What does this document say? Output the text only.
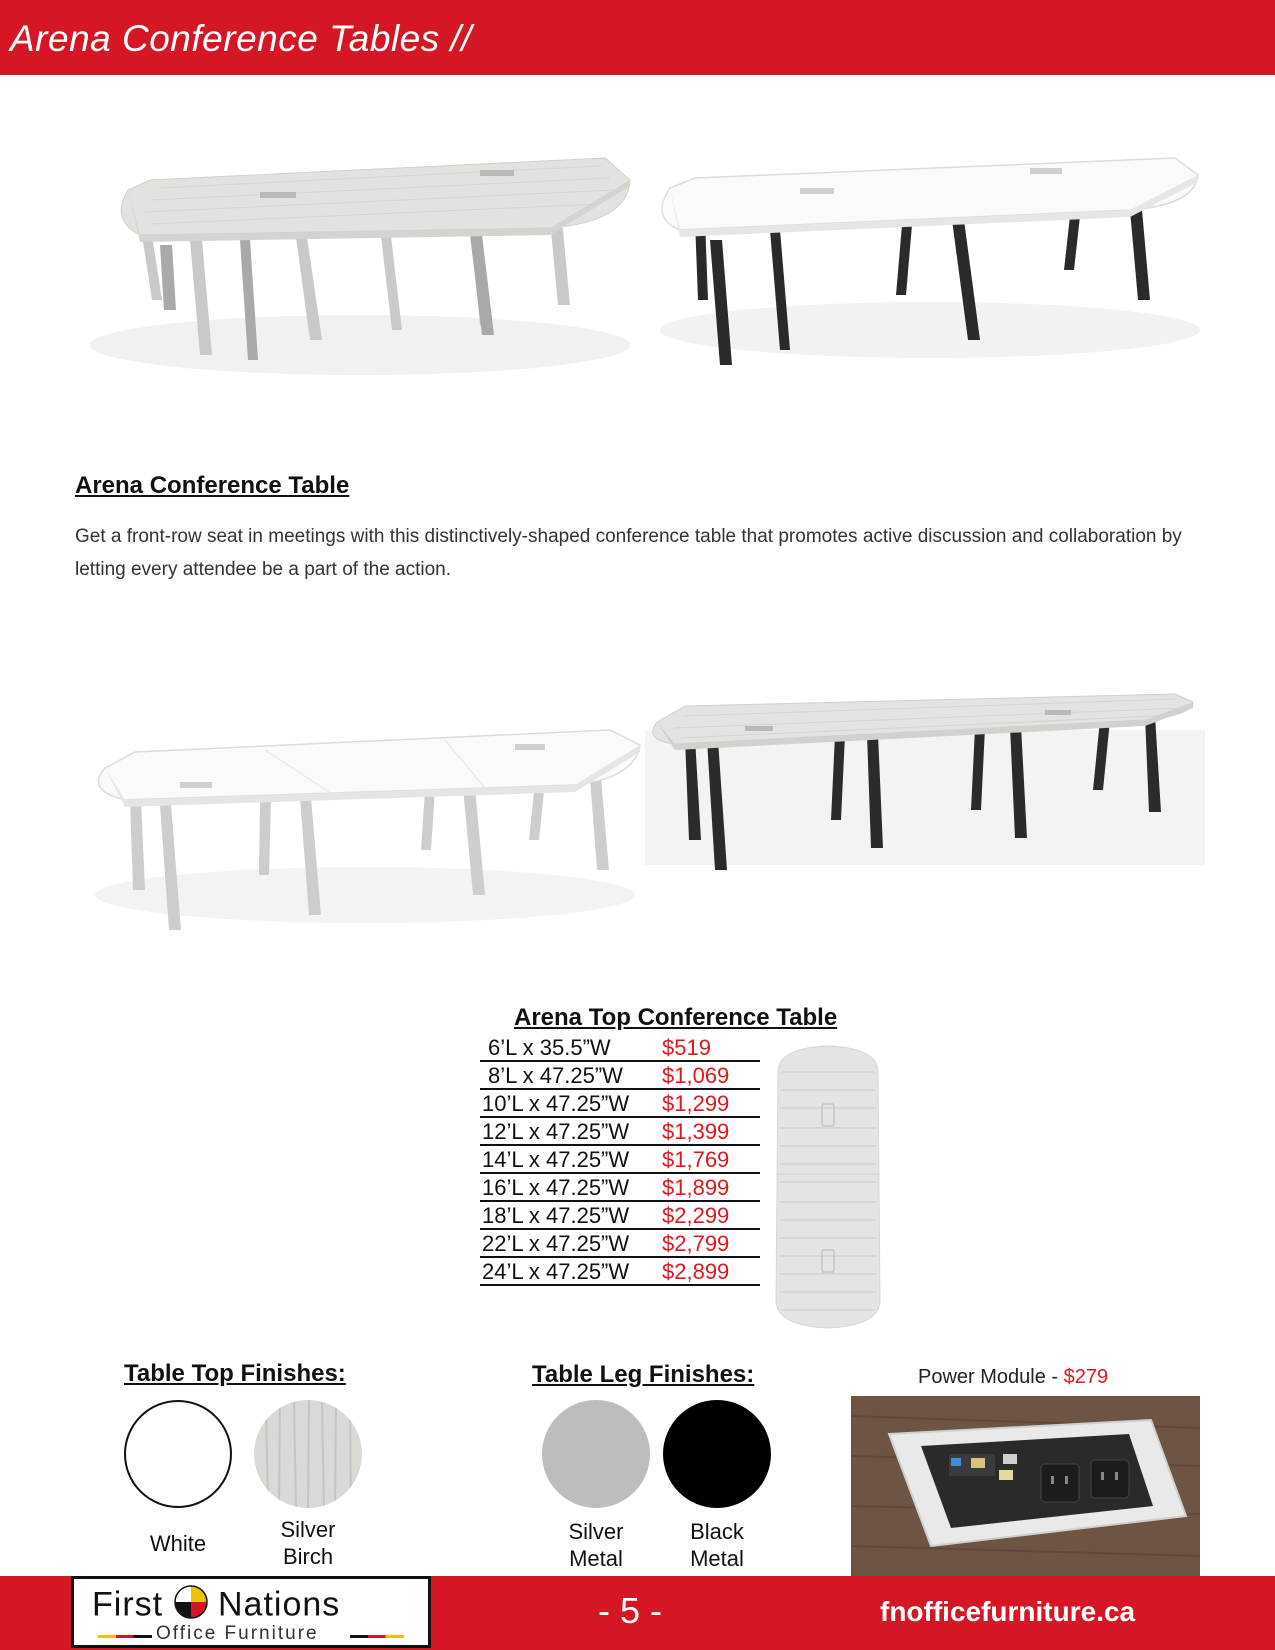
Arena Conference Tables //
Arena Conference Table
Get a front-row seat in meetings with this distinctively-shaped conference table that promotes active discussion and collaboration by letting every attendee be a part of the action.
Arena Top Conference Table
6’L x 35.5”W $519
8’L x 47.25”W $1,069
10’L x 47.25”W $1,299
12’L x 47.25”W $1,399
14’L x 47.25”W $1,769
16’L x 47.25”W $1,899
18’L x 47.25”W $2,299
22’L x 47.25”W $2,799
24’L x 47.25”W $2,899
Table Top Finishes:
White
Silver
Birch
Table Leg Finishes:
Silver
Metal
Black
Metal
Power Module - $279
First Nations
Office Furniture
- 5 -	fnofficefurniture.ca
